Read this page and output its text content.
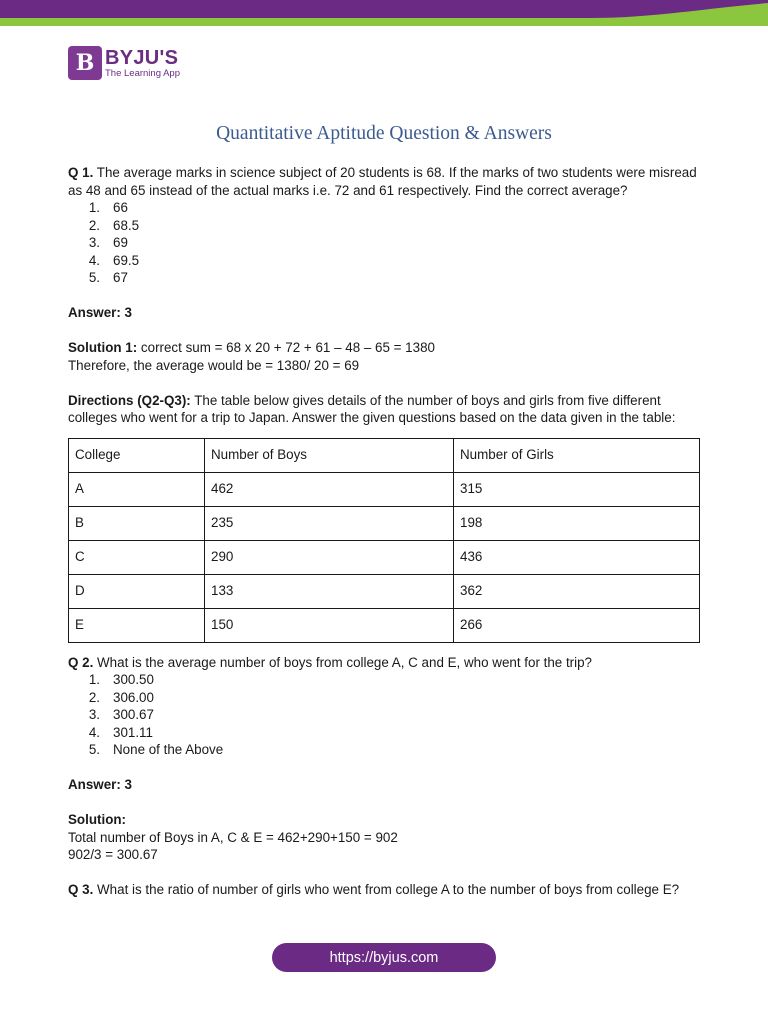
B BYJU'S
The Learning App
Quantitative Aptitude Question & Answers

Q 1. The average marks in science subject of 20 students is 68. If the marks of two students were misread as 48 and 65 instead of the actual marks i.e. 72 and 61 respectively. Find the correct average?

1. 66
2. 68.5
3. 69
4. 69.5
5. 67

Answer: 3

Solution 1: correct sum = 68 x 20 + 72 + 61 – 48 – 65 = 1380

Therefore, the average would be = 1380/ 20 = 69

Directions (Q2-Q3): The table below gives details of the number of boys and girls from five different colleges who went for a trip to Japan. Answer the given questions based on the data given in the table:

College	Number of Boys	Number of Girls
A	462	315
B	235	198
C	290	436
D	133	362
E	150	266

Q 2. What is the average number of boys from college A, C and E, who went for the trip?

1. 300.50
2. 306.00
3. 300.67
4. 301.11
5. None of the Above

Answer: 3

Solution:

Total number of Boys in A, C & E = 462+290+150 = 902

902/3 = 300.67

Q 3. What is the ratio of number of girls who went from college A to the number of boys from college E?

https://byjus.com
